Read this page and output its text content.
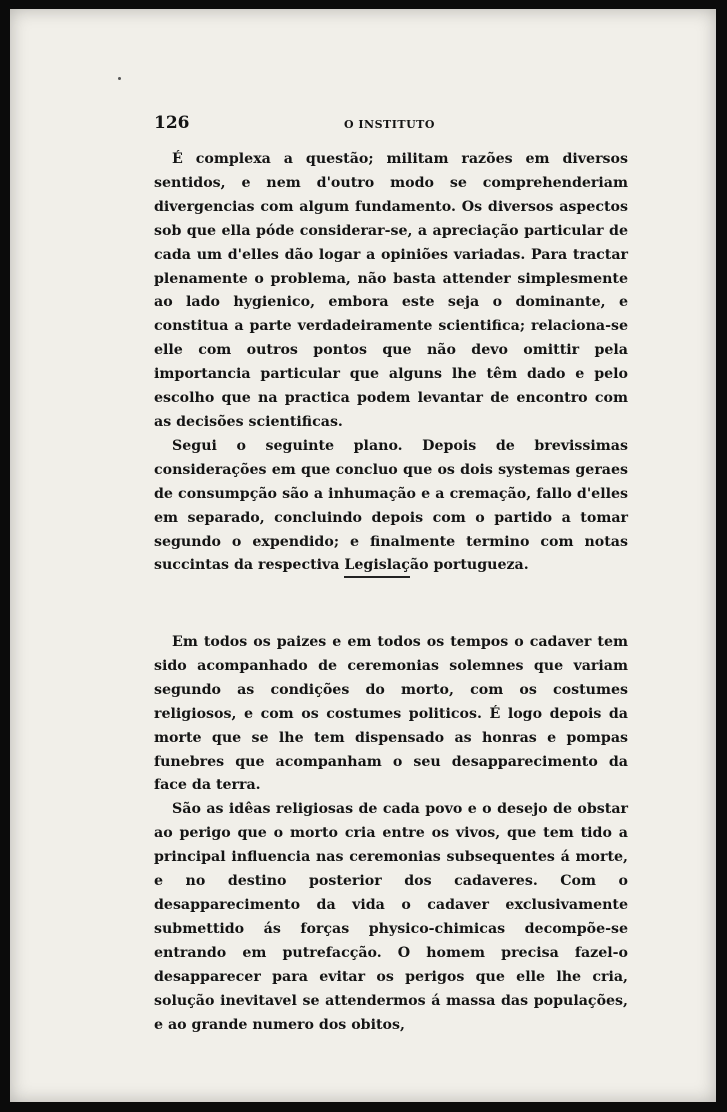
126	O INSTITUTO

É complexa a questão; militam razões em diversos sentidos, e nem d'outro modo se comprehenderiam divergencias com algum fundamento. Os diversos aspectos sob que ella póde considerar-se, a apreciação particular de cada um d'elles dão logar a opiniões variadas. Para tractar plenamente o problema, não basta attender simplesmente ao lado hygienico, embora este seja o dominante, e constitua a parte verdadeiramente scientifica; relaciona-se elle com outros pontos que não devo omittir pela importancia particular que alguns lhe têm dado e pelo escolho que na practica podem levantar de encontro com as decisões scientificas.

Segui o seguinte plano. Depois de brevissimas considerações em que concluo que os dois systemas geraes de consumpção são a inhumação e a cremação, fallo d'elles em separado, concluindo depois com o partido a tomar segundo o expendido; e finalmente termino com notas succintas da respectiva Legislação portugueza.

Em todos os paizes e em todos os tempos o cadaver tem sido acompanhado de ceremonias solemnes que variam segundo as condições do morto, com os costumes religiosos, e com os costumes politicos. É logo depois da morte que se lhe tem dispensado as honras e pompas funebres que acompanham o seu desapparecimento da face da terra.

São as idêas religiosas de cada povo e o desejo de obstar ao perigo que o morto cria entre os vivos, que tem tido a principal influencia nas ceremonias subsequentes á morte, e no destino posterior dos cadaveres. Com o desapparecimento da vida o cadaver exclusivamente submettido ás forças physico-chimicas decompõe-se entrando em putrefacção. O homem precisa fazel-o desapparecer para evitar os perigos que elle lhe cria, solução inevitavel se attendermos á massa das populações, e ao grande numero dos obitos,
